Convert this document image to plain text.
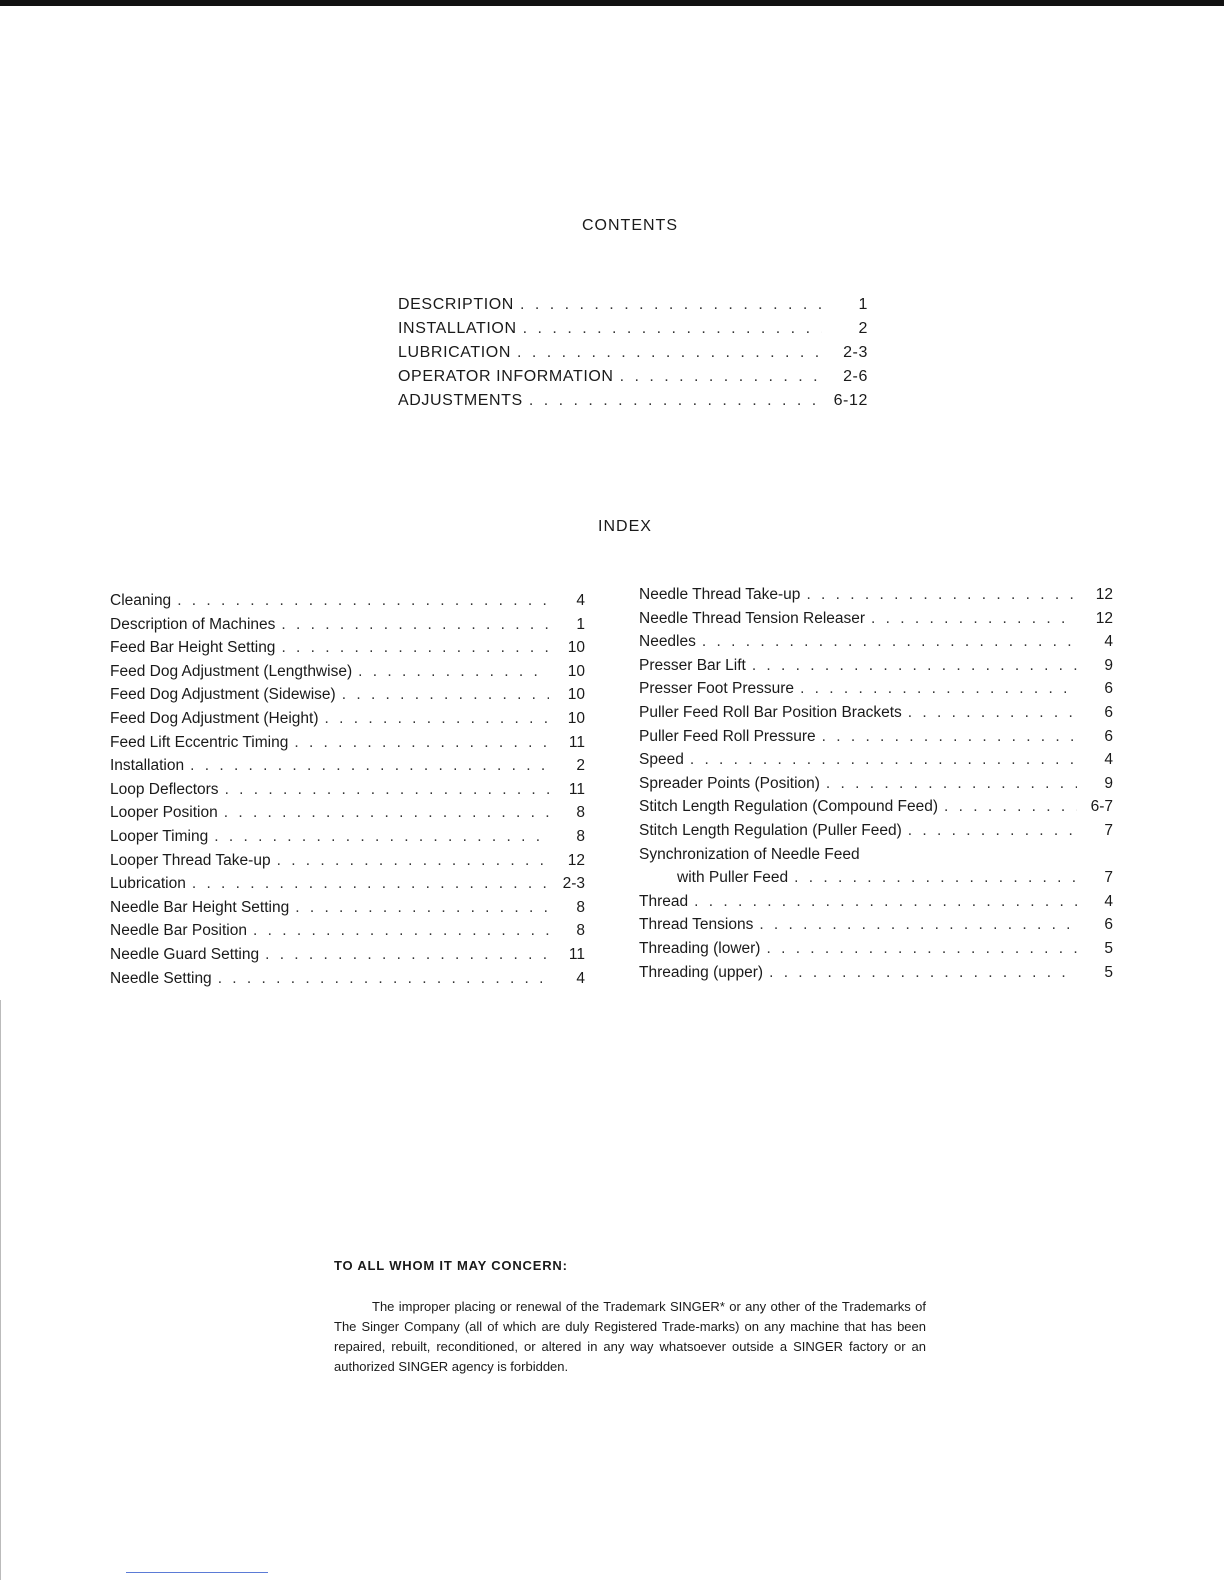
CONTENTS
DESCRIPTION . . .	1
INSTALLATION . . .	2
LUBRICATION . . .	2-3
OPERATOR INFORMATION . . .	2-6
ADJUSTMENTS . . .	6-12
INDEX
Cleaning . . .	4
Description of Machines . . .	1
Feed Bar Height Setting . . .	10
Feed Dog Adjustment (Lengthwise) . . .	10
Feed Dog Adjustment (Sidewise) . . .	10
Feed Dog Adjustment (Height) . . .	10
Feed Lift Eccentric Timing . . .	11
Installation . . .	2
Loop Deflectors . . .	11
Looper Position . . .	8
Looper Timing . . .	8
Looper Thread Take-up . . .	12
Lubrication . . .	2-3
Needle Bar Height Setting . . .	8
Needle Bar Position . . .	8
Needle Guard Setting . . .	11
Needle Setting . . .	4
Needle Thread Take-up . . .	12
Needle Thread Tension Releaser . . .	12
Needles . . .	4
Presser Bar Lift . . .	9
Presser Foot Pressure . . .	6
Puller Feed Roll Bar Position Brackets . . .	6
Puller Feed Roll Pressure . . .	6
Speed . . .	4
Spreader Points (Position) . . .	9
Stitch Length Regulation (Compound Feed) . . .	6-7
Stitch Length Regulation (Puller Feed) . . .	7
Synchronization of Needle Feed
with Puller Feed . . .	7
Thread . . .	4
Thread Tensions . . .	6
Threading (lower) . . .	5
Threading (upper) . . .	5
TO ALL WHOM IT MAY CONCERN:
The improper placing or renewal of the Trademark SINGER* or any other of the Trademarks of The Singer Company (all of which are duly Registered Trade-marks) on any machine that has been repaired, rebuilt, reconditioned, or altered in any way whatsoever outside a SINGER factory or an authorized SINGER agency is forbidden.
